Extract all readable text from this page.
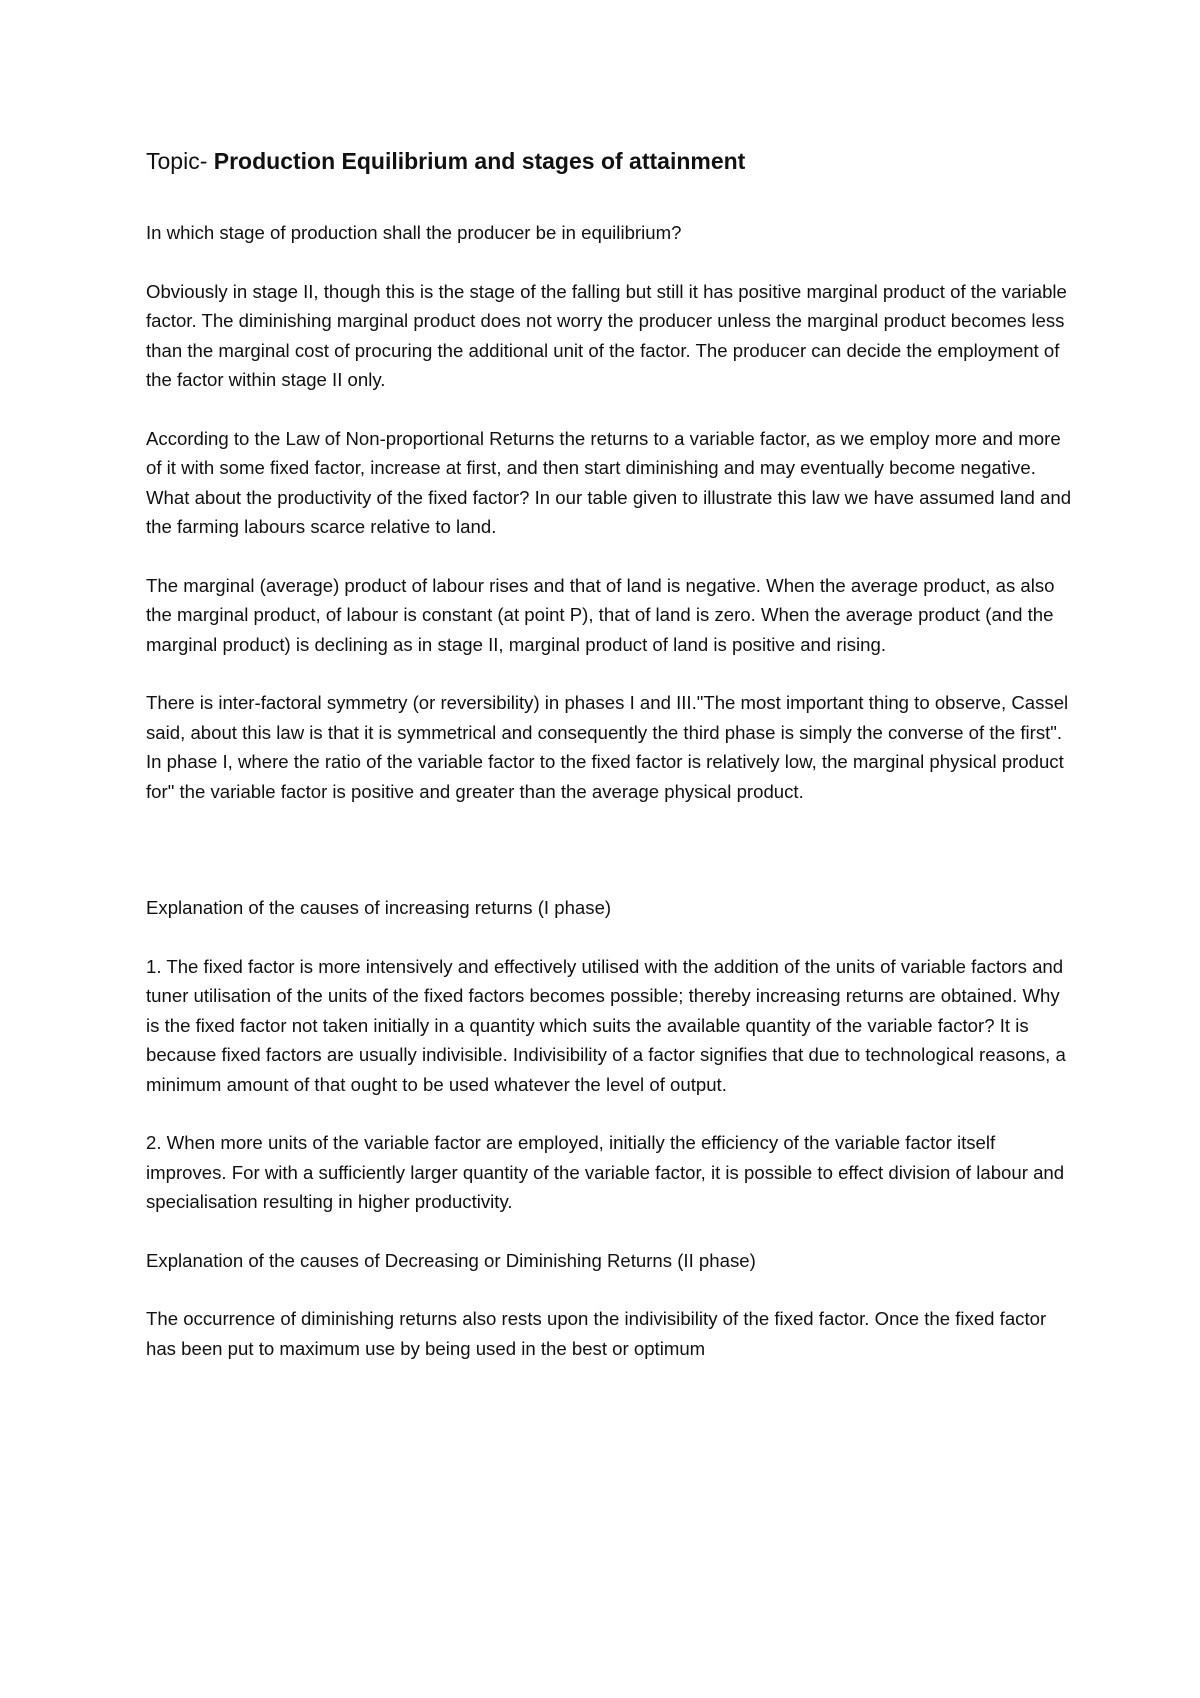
Topic- Production Equilibrium and stages of attainment

In which stage of production shall the producer be in equilibrium?

Obviously in stage II, though this is the stage of the falling but still it has positive marginal product of the variable factor. The diminishing marginal product does not worry the producer unless the marginal product becomes less than the marginal cost of procuring the additional unit of the factor. The producer can decide the employment of the factor within stage II only.

According to the Law of Non-proportional Returns the returns to a variable factor, as we employ more and more of it with some fixed factor, increase at first, and then start diminishing and may eventually become negative. What about the productivity of the fixed factor? In our table given to illustrate this law we have assumed land and the farming labours scarce relative to land.

The marginal (average) product of labour rises and that of land is negative. When the average product, as also the marginal product, of labour is constant (at point P), that of land is zero. When the average product (and the marginal product) is declining as in stage II, marginal product of land is positive and rising.

There is inter-factoral symmetry (or reversibility) in phases I and III."The most important thing to observe, Cassel said, about this law is that it is symmetrical and consequently the third phase is simply the converse of the first". In phase I, where the ratio of the variable factor to the fixed factor is relatively low, the marginal physical product for" the variable factor is positive and greater than the average physical product.

Explanation of the causes of increasing returns (I phase)

1. The fixed factor is more intensively and effectively utilised with the addition of the units of variable factors and tuner utilisation of the units of the fixed factors becomes possible; thereby increasing returns are obtained. Why is the fixed factor not taken initially in a quantity which suits the available quantity of the variable factor? It is because fixed factors are usually indivisible. Indivisibility of a factor signifies that due to technological reasons, a minimum amount of that ought to be used whatever the level of output.

2. When more units of the variable factor are employed, initially the efficiency of the variable factor itself improves. For with a sufficiently larger quantity of the variable factor, it is possible to effect division of labour and specialisation resulting in higher productivity.

Explanation of the causes of Decreasing or Diminishing Returns (II phase)

The occurrence of diminishing returns also rests upon the indivisibility of the fixed factor. Once the fixed factor has been put to maximum use by being used in the best or optimum
